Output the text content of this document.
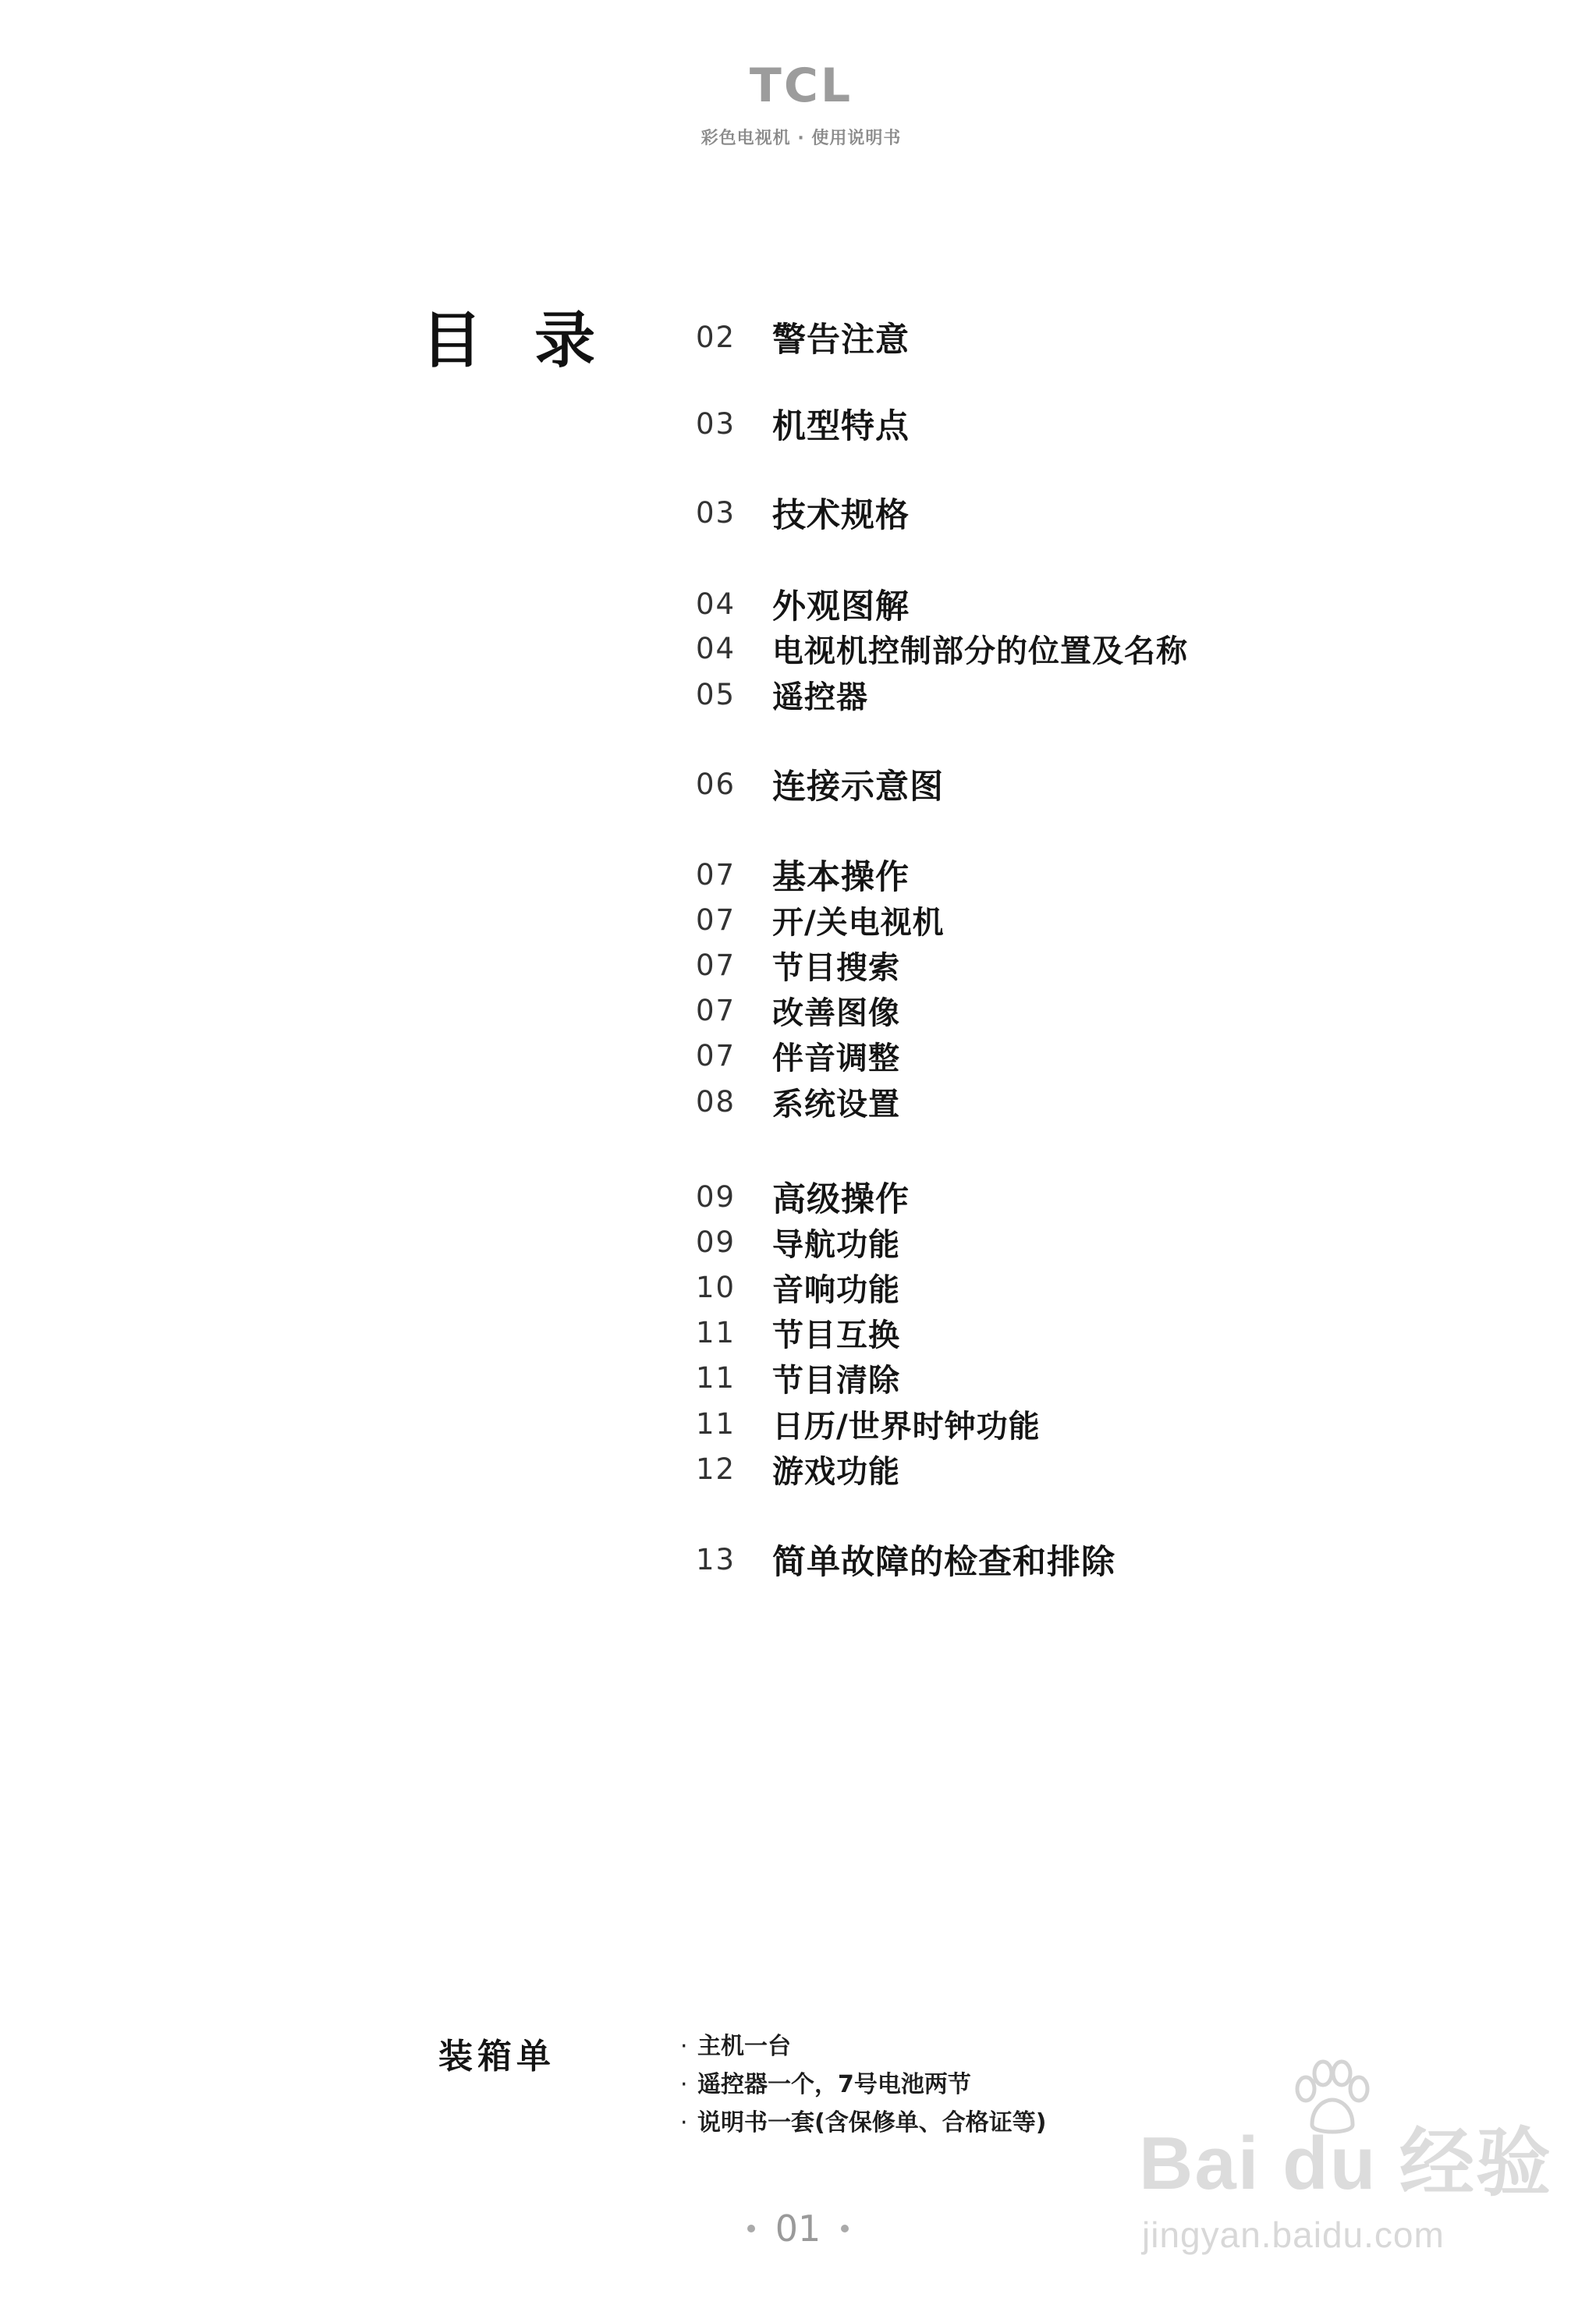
TCL
彩色电视机 · 使用说明书
目 录	02	警告注意
03	机型特点
03	技术规格
04	外观图解
04	电视机控制部分的位置及名称
05	遥控器
06	连接示意图
07	基本操作
07	开/关电视机
07	节目搜索
07	改善图像
07	伴音调整
08	系统设置
09	高级操作
09	导航功能
10	音响功能
11	节目互换
11	节目清除
11	日历/世界时钟功能
12	游戏功能
13	简单故障的检查和排除
装箱单	· 主机一台
· 遥控器一个，7号电池两节
· 说明书一套(含保修单、合格证等)
01
Bai du 经验
jingyan.baidu.com
